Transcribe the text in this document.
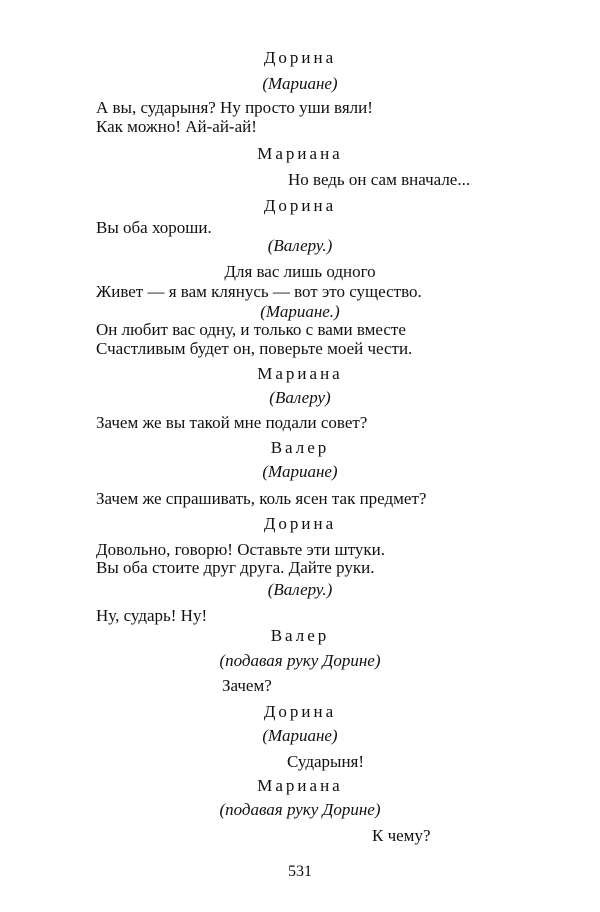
Дорина
(Мариане)
А вы, сударыня? Ну просто уши вяли!
Как можно! Ай-ай-ай!
Мариана
Но ведь он сам вначале...
Дорина
Вы оба хороши.
(Валеру.)
Для вас лишь одного
Живет — я вам клянусь — вот это существо.
(Мариане.)
Он любит вас одну, и только с вами вместе
Счастливым будет он, поверьте моей чести.
Мариана
(Валеру)
Зачем же вы такой мне подали совет?
Валер
(Мариане)
Зачем же спрашивать, коль ясен так предмет?
Дорина
Довольно, говорю! Оставьте эти штуки.
Вы оба стоите друг друга. Дайте руки.
(Валеру.)
Ну, сударь! Ну!
Валер
(подавая руку Дорине)
Зачем?
Дорина
(Мариане)
Сударыня!
Мариана
(подавая руку Дорине)
К чему?
531
